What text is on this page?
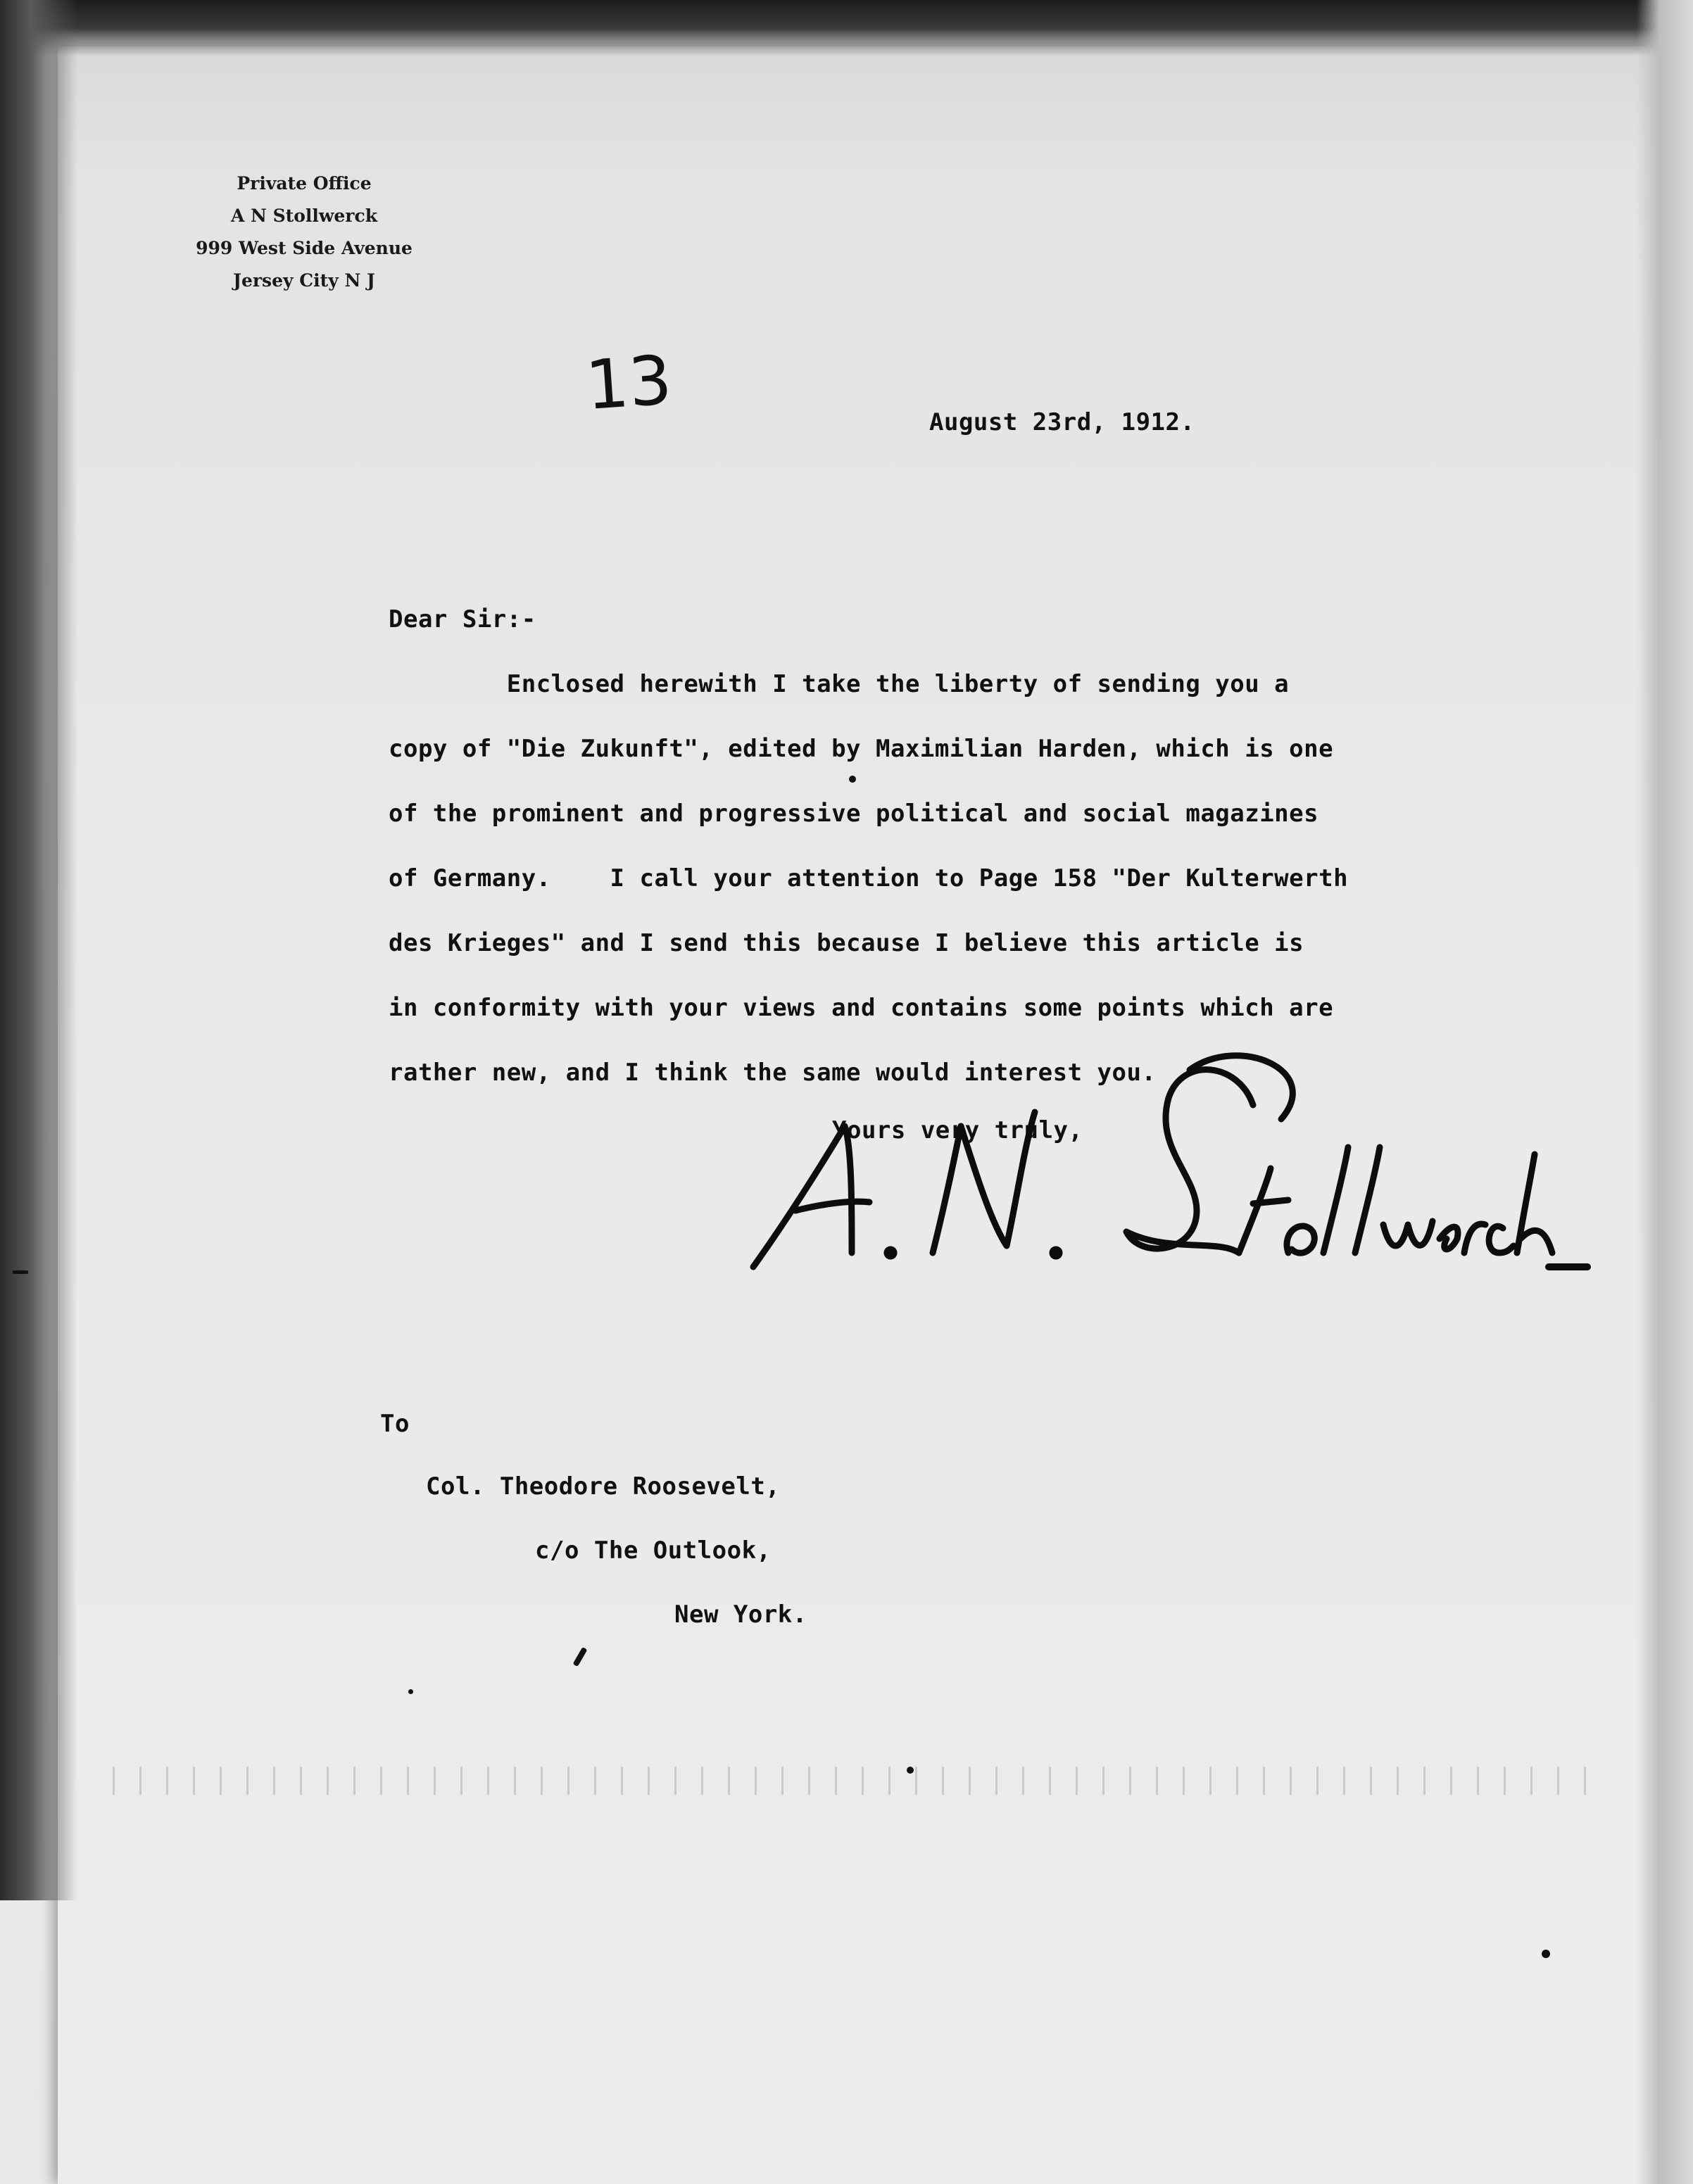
Private Office
A N Stollwerck
999 West Side Avenue
Jersey City N J
13	August 23rd, 1912.
Dear Sir:-
Enclosed herewith I take the liberty of sending you a
copy of "Die Zukunft", edited by Maximilian Harden, which is one
of the prominent and progressive political and social magazines
of Germany.    I call your attention to Page 158 "Der Kulterwerth
des Krieges" and I send this because I believe this article is
in conformity with your views and contains some points which are
rather new, and I think the same would interest you.
Yours very truly,
To
Col. Theodore Roosevelt,
c/o The Outlook,
New York.
